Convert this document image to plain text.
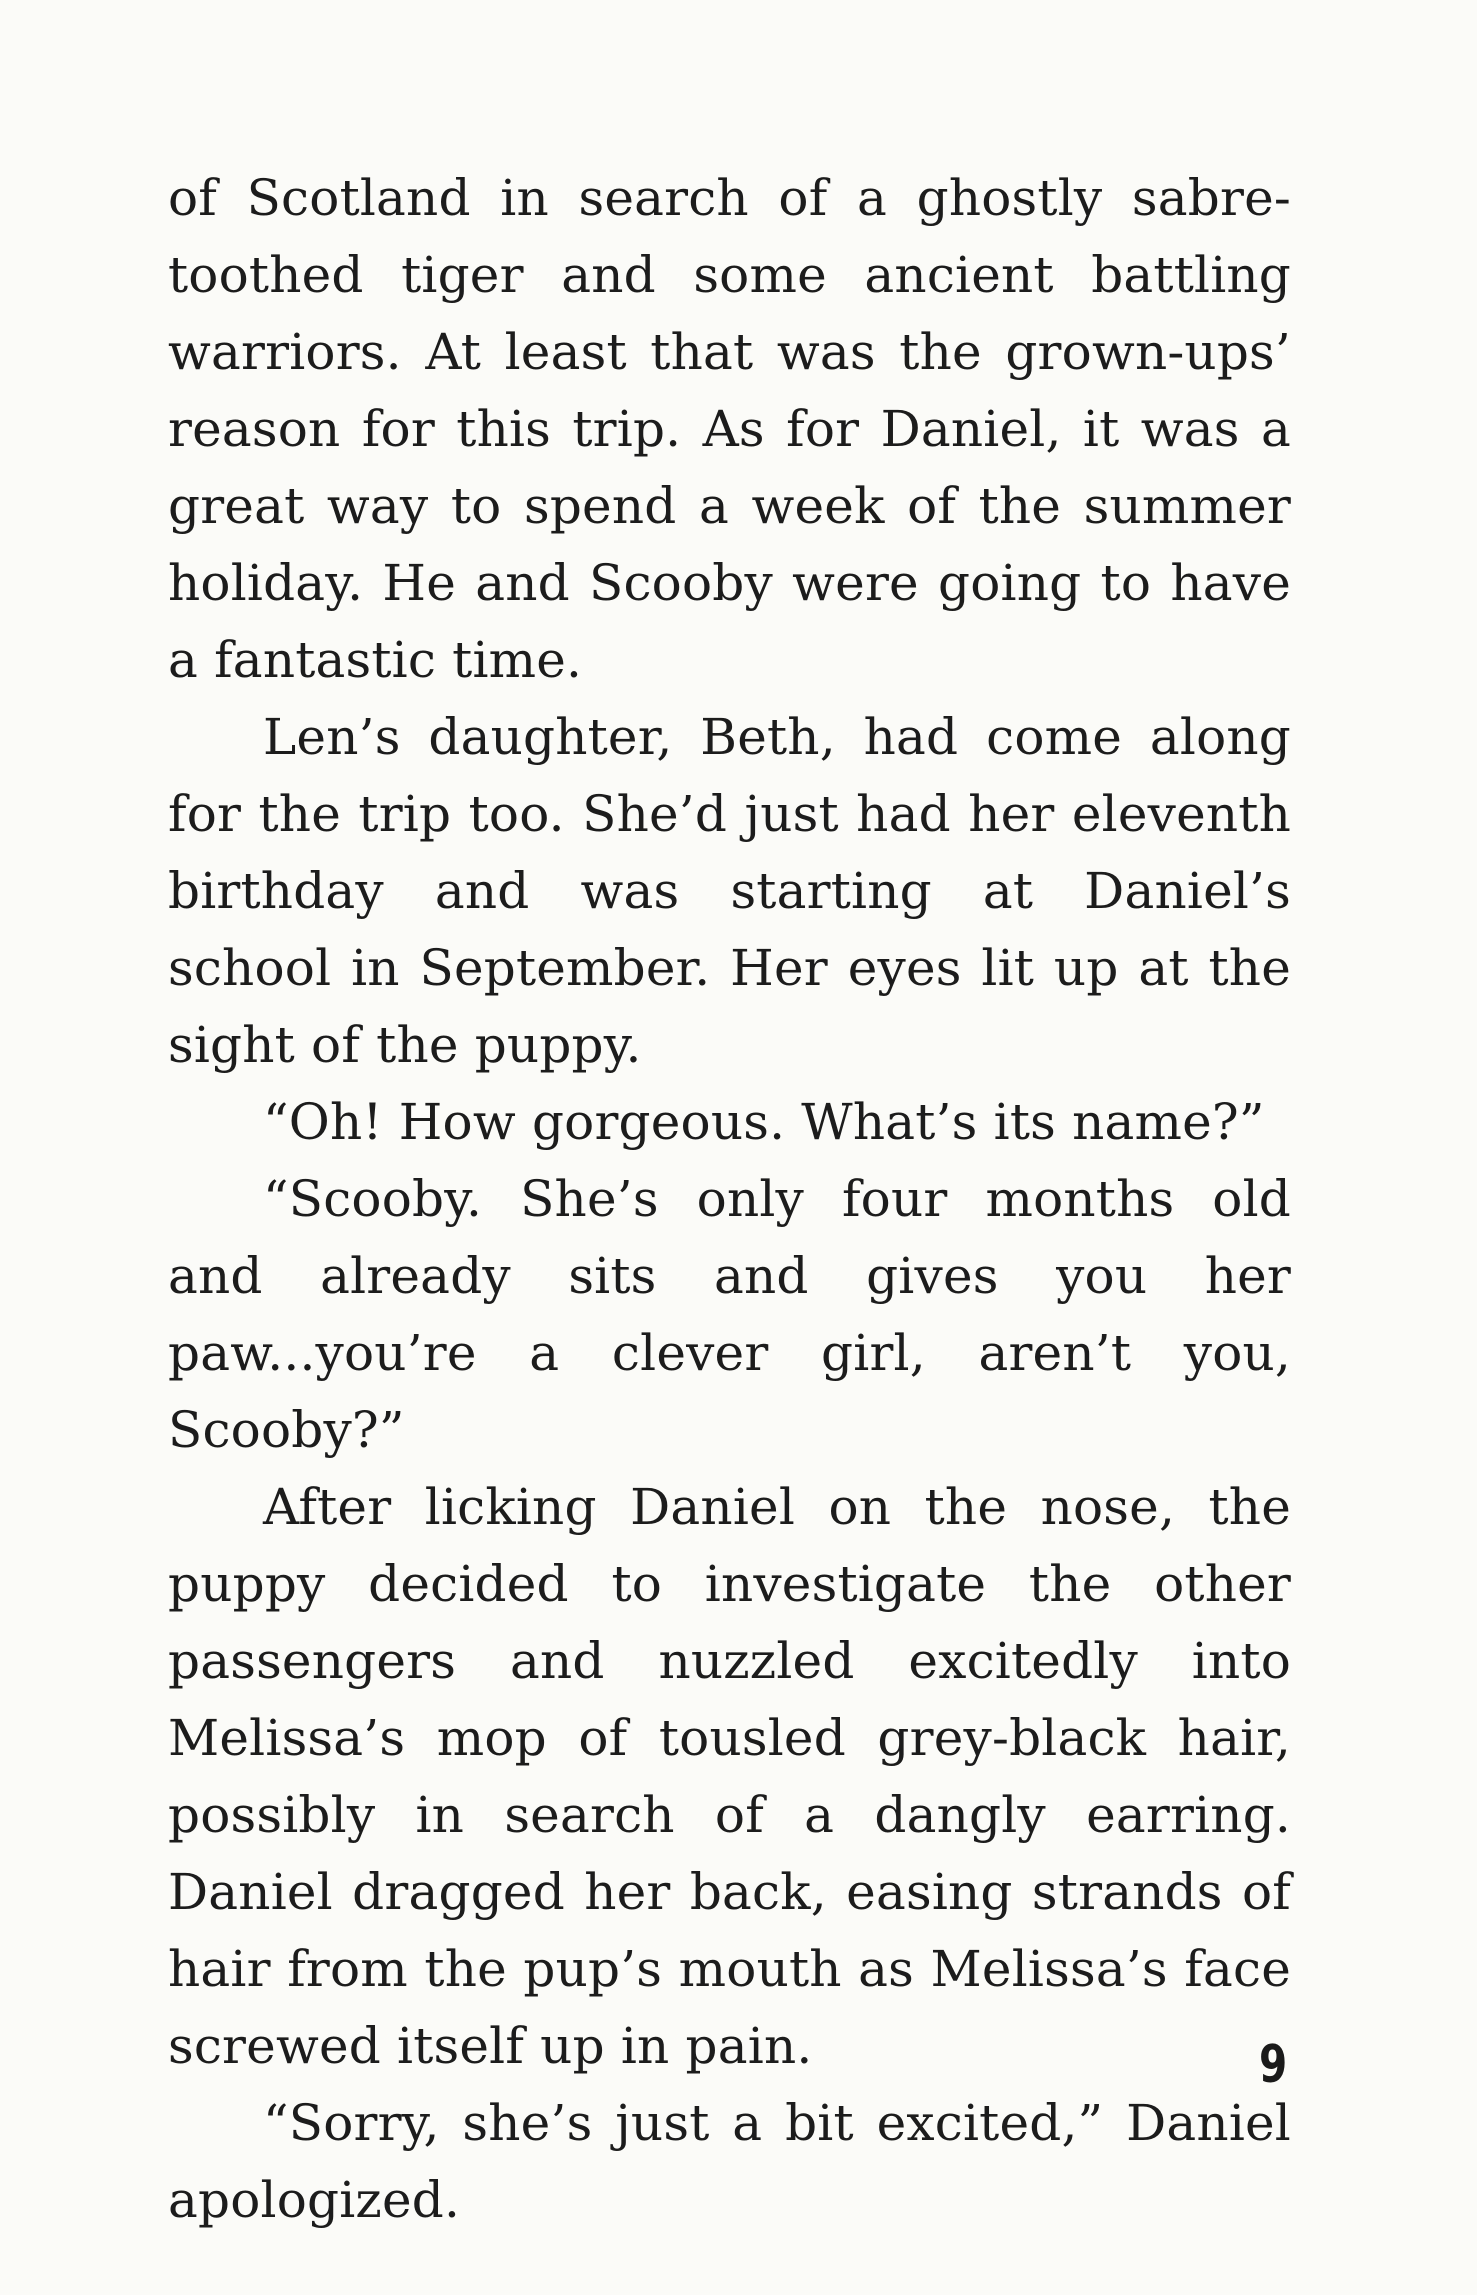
of Scotland in search of a ghostly sabre-toothed tiger and some ancient battling warriors. At least that was the grown-ups’ reason for this trip. As for Daniel, it was a great way to spend a week of the summer holiday. He and Scooby were going to have a fantastic time.

Len’s daughter, Beth, had come along for the trip too. She’d just had her eleventh birthday and was starting at Daniel’s school in September. Her eyes lit up at the sight of the puppy.

“Oh! How gorgeous. What’s its name?”

“Scooby. She’s only four months old and already sits and gives you her paw...you’re a clever girl, aren’t you, Scooby?”

After licking Daniel on the nose, the puppy decided to investigate the other passengers and nuzzled excitedly into Melissa’s mop of tousled grey-black hair, possibly in search of a dangly earring. Daniel dragged her back, easing strands of hair from the pup’s mouth as Melissa’s face screwed itself up in pain.

“Sorry, she’s just a bit excited,” Daniel apologized.

9
